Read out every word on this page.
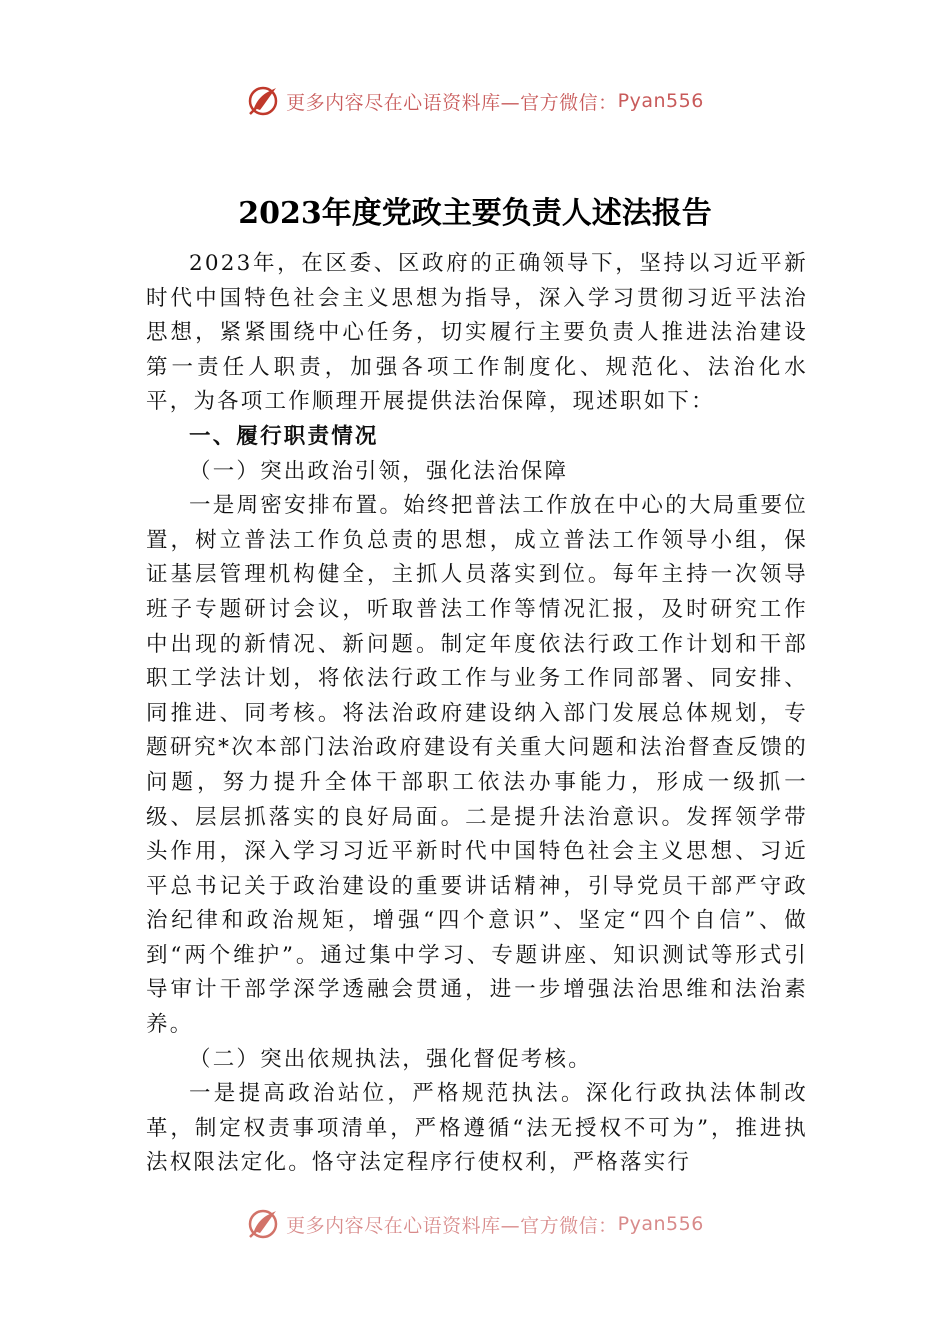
更多内容尽在心语资料库—官方微信： Pyan556
2023年度党政主要负责人述法报告

2023年，在区委、区政府的正确领导下，坚持以习近平新时代中国特色社会主义思想为指导，深入学习贯彻习近平法治思想，紧紧围绕中心任务，切实履行主要负责人推进法治建设第一责任人职责，加强各项工作制度化、规范化、法治化水平，为各项工作顺理开展提供法治保障，现述职如下：

一、履行职责情况

（一）突出政治引领，强化法治保障

一是周密安排布置。始终把普法工作放在中心的大局重要位置，树立普法工作负总责的思想，成立普法工作领导小组，保证基层管理机构健全，主抓人员落实到位。每年主持一次领导班子专题研讨会议，听取普法工作等情况汇报，及时研究工作中出现的新情况、新问题。制定年度依法行政工作计划和干部职工学法计划，将依法行政工作与业务工作同部署、同安排、同推进、同考核。将法治政府建设纳入部门发展总体规划，专题研究*次本部门法治政府建设有关重大问题和法治督查反馈的问题，努力提升全体干部职工依法办事能力，形成一级抓一级、层层抓落实的良好局面。二是提升法治意识。发挥领学带头作用，深入学习习近平新时代中国特色社会主义思想、习近平总书记关于政治建设的重要讲话精神，引导党员干部严守政治纪律和政治规矩，增强“四个意识”、坚定“四个自信”、做到“两个维护”。通过集中学习、专题讲座、知识测试等形式引导审计干部学深学透融会贯通，进一步增强法治思维和法治素养。

（二）突出依规执法，强化督促考核。

一是提高政治站位，严格规范执法。深化行政执法体制改革，制定权责事项清单，严格遵循“法无授权不可为”，推进执法权限法定化。恪守法定程序行使权利，严格落实行

更多内容尽在心语资料库—官方微信： Pyan556
